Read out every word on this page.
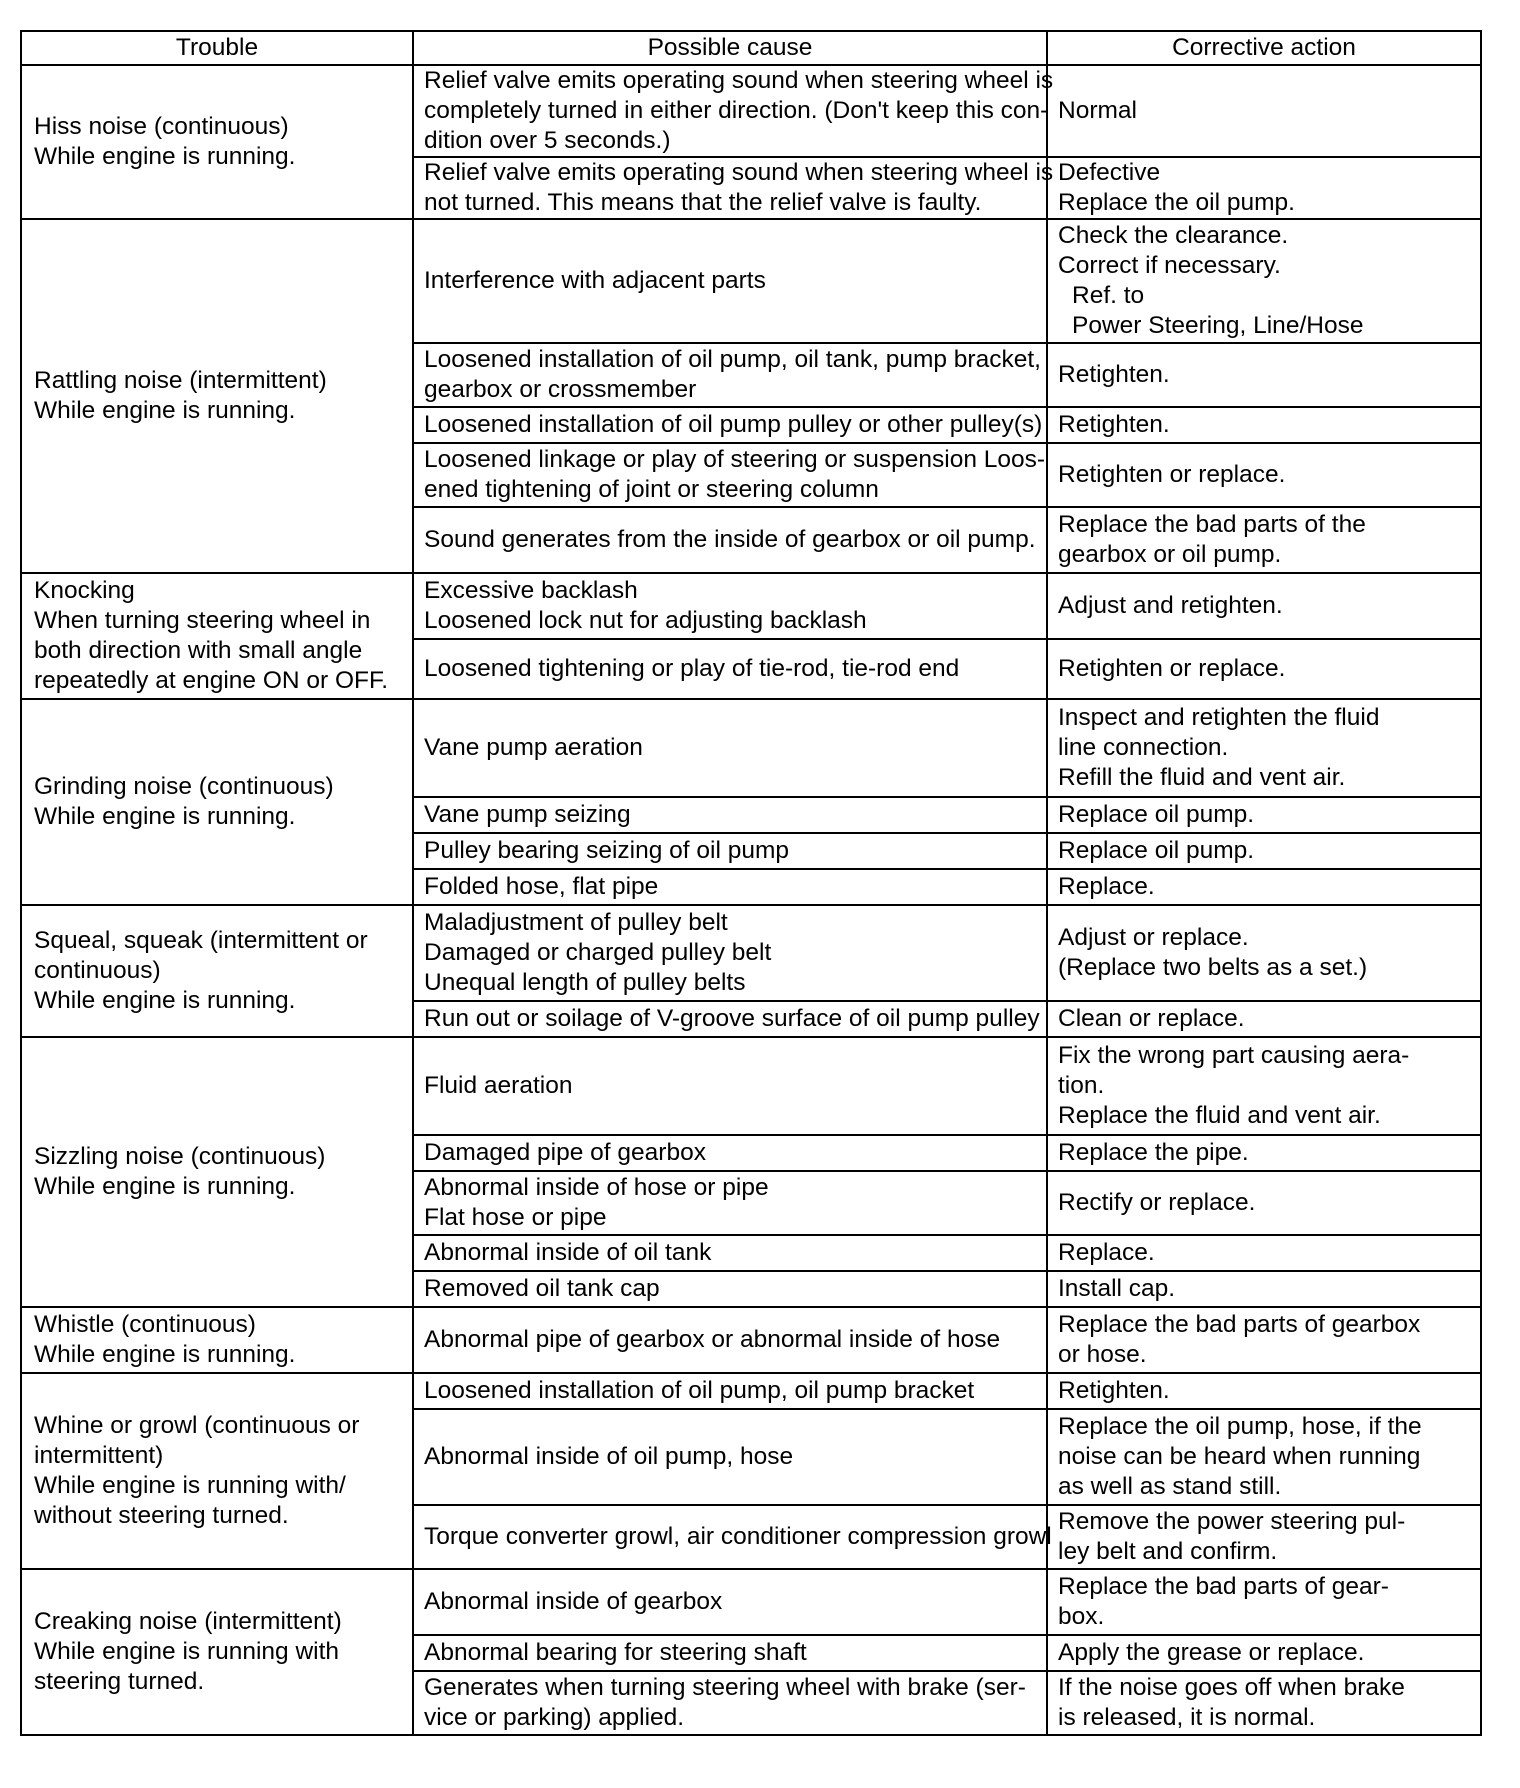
Trouble	Possible cause	Corrective action

Hiss noise (continuous)
While engine is running.	Relief valve emits operating sound when steering wheel is
completely turned in either direction. (Don't keep this con-
dition over 5 seconds.)	Normal

	Relief valve emits operating sound when steering wheel is
not turned. This means that the relief valve is faulty.	Defective
Replace the oil pump.

Rattling noise (intermittent)
While engine is running.	Interference with adjacent parts	Check the clearance.
Correct if necessary.
Ref. to
Power Steering, Line/Hose

	Loosened installation of oil pump, oil tank, pump bracket,
gearbox or crossmember	Retighten.

	Loosened installation of oil pump pulley or other pulley(s)	Retighten.

	Loosened linkage or play of steering or suspension Loos-
ened tightening of joint or steering column	Retighten or replace.

	Sound generates from the inside of gearbox or oil pump.	Replace the bad parts of the
gearbox or oil pump.

Knocking
When turning steering wheel in
both direction with small angle
repeatedly at engine ON or OFF.	Excessive backlash
Loosened lock nut for adjusting backlash	Adjust and retighten.

	Loosened tightening or play of tie-rod, tie-rod end	Retighten or replace.

Grinding noise (continuous)
While engine is running.	Vane pump aeration	Inspect and retighten the fluid
line connection.
Refill the fluid and vent air.

	Vane pump seizing	Replace oil pump.

	Pulley bearing seizing of oil pump	Replace oil pump.

	Folded hose, flat pipe	Replace.

Squeal, squeak (intermittent or
continuous)
While engine is running.	Maladjustment of pulley belt
Damaged or charged pulley belt
Unequal length of pulley belts	Adjust or replace.
(Replace two belts as a set.)

	Run out or soilage of V-groove surface of oil pump pulley	Clean or replace.

Sizzling noise (continuous)
While engine is running.	Fluid aeration	Fix the wrong part causing aera-
tion.
Replace the fluid and vent air.

	Damaged pipe of gearbox	Replace the pipe.

	Abnormal inside of hose or pipe
Flat hose or pipe	Rectify or replace.

	Abnormal inside of oil tank	Replace.

	Removed oil tank cap	Install cap.

Whistle (continuous)
While engine is running.	Abnormal pipe of gearbox or abnormal inside of hose	Replace the bad parts of gearbox
or hose.

Whine or growl (continuous or
intermittent)
While engine is running with/
without steering turned.	Loosened installation of oil pump, oil pump bracket	Retighten.

	Abnormal inside of oil pump, hose	Replace the oil pump, hose, if the
noise can be heard when running
as well as stand still.

	Torque converter growl, air conditioner compression growl	Remove the power steering pul-
ley belt and confirm.

Creaking noise (intermittent)
While engine is running with
steering turned.	Abnormal inside of gearbox	Replace the bad parts of gear-
box.

	Abnormal bearing for steering shaft	Apply the grease or replace.

	Generates when turning steering wheel with brake (ser-
vice or parking) applied.	If the noise goes off when brake
is released, it is normal.
